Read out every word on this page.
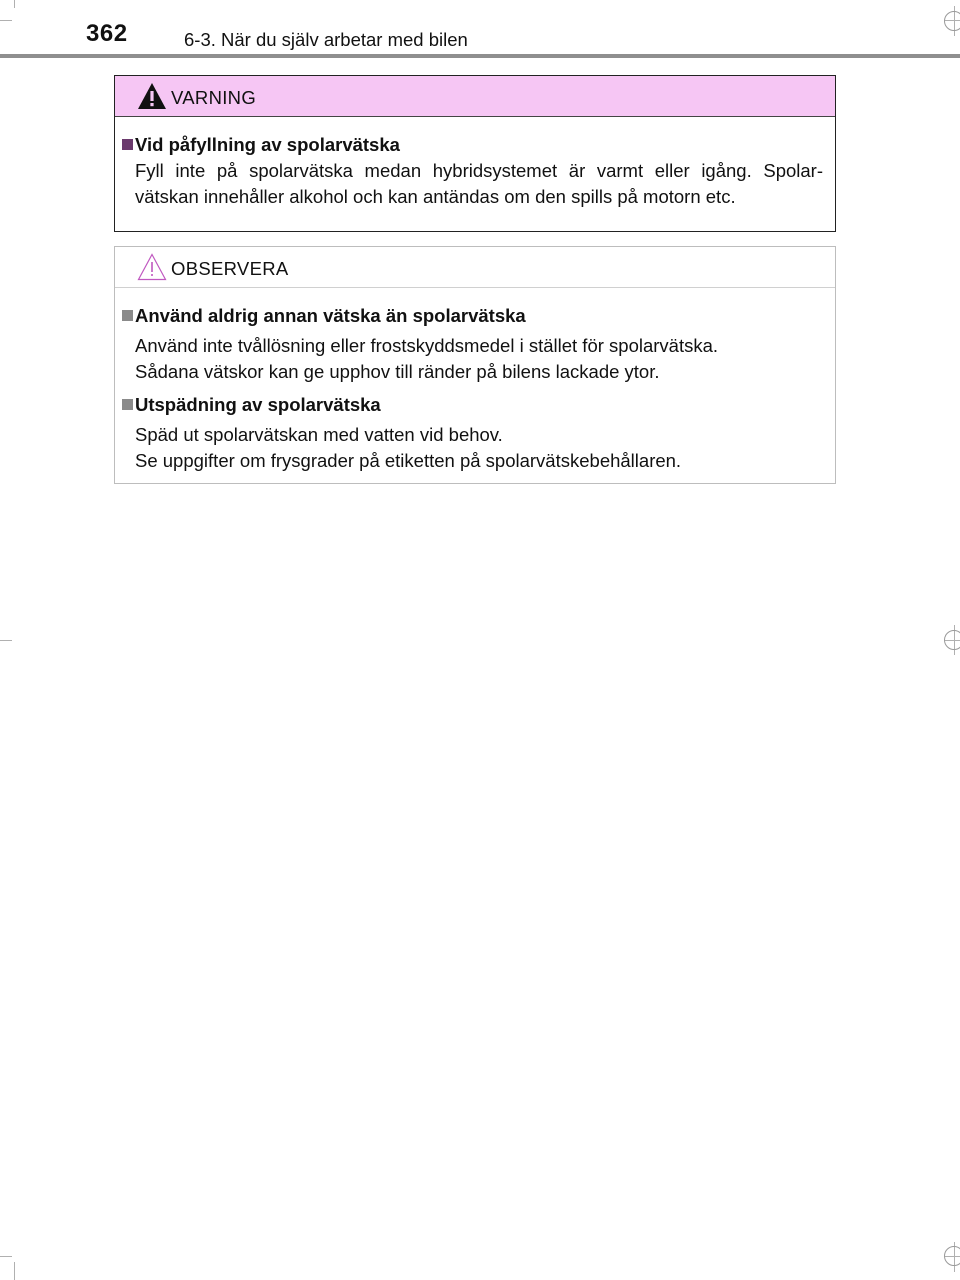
362	6-3. När du själv arbetar med bilen
VARNING
Vid påfyllning av spolarvätska
Fyll inte på spolarvätska medan hybridsystemet är varmt eller igång. Spolar-
vätskan innehåller alkohol och kan antändas om den spills på motorn etc.
OBSERVERA
Använd aldrig annan vätska än spolarvätska
Använd inte tvållösning eller frostskyddsmedel i stället för spolarvätska.
Sådana vätskor kan ge upphov till ränder på bilens lackade ytor.
Utspädning av spolarvätska
Späd ut spolarvätskan med vatten vid behov.
Se uppgifter om frysgrader på etiketten på spolarvätskebehållaren.
